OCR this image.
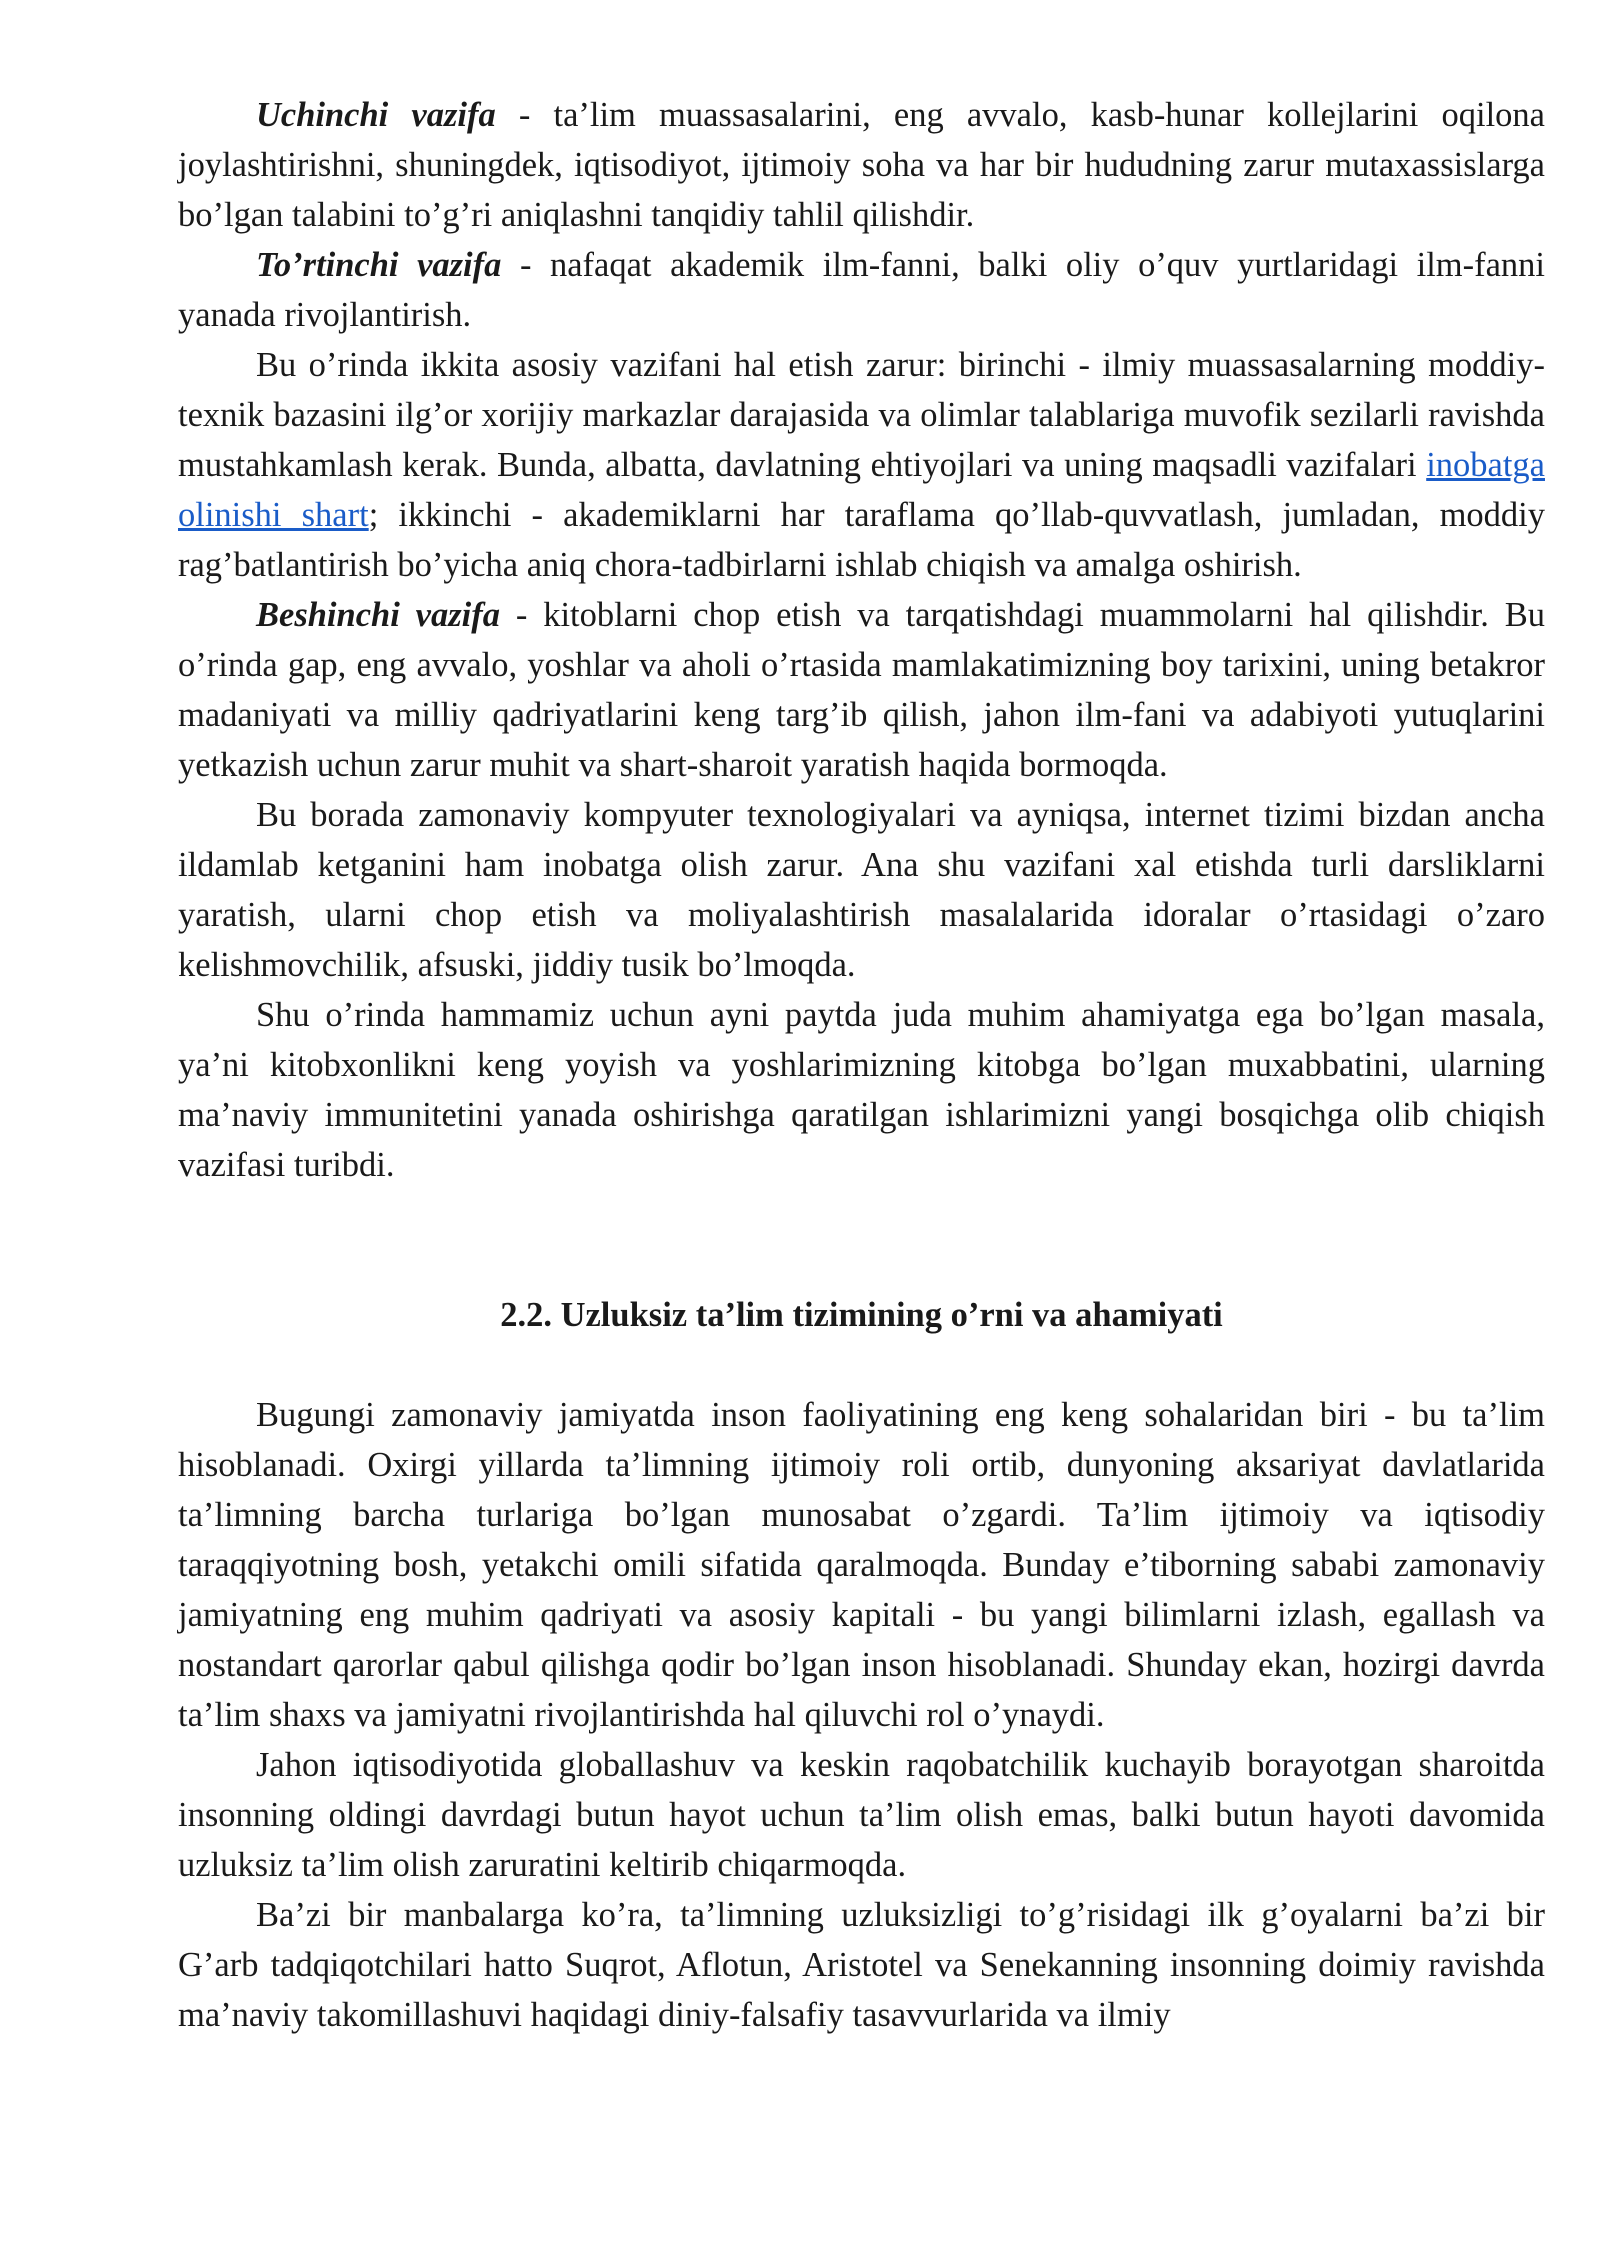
Uchinchi vazifa - ta’lim muassasalarini, eng avvalo, kasb-hunar kollejlarini oqilona joylashtirishni, shuningdek, iqtisodiyot, ijtimoiy soha va har bir hududning zarur mutaxassislarga bo’lgan talabini to’g’ri aniqlashni tanqidiy tahlil qilishdir.

To’rtinchi vazifa - nafaqat akademik ilm-fanni, balki oliy o’quv yurtlaridagi ilm-fanni yanada rivojlantirish.

Bu o’rinda ikkita asosiy vazifani hal etish zarur: birinchi - ilmiy muassasalarning moddiy-texnik bazasini ilg’or xorijiy markazlar darajasida va olimlar talablariga muvofik sezilarli ravishda mustahkamlash kerak. Bunda, albatta, davlatning ehtiyojlari va uning maqsadli vazifalari inobatga olinishi shart; ikkinchi - akademiklarni har taraflama qo’llab-quvvatlash, jumladan, moddiy rag’batlantirish bo’yicha aniq chora-tadbirlarni ishlab chiqish va amalga oshirish.

Beshinchi vazifa - kitoblarni chop etish va tarqatishdagi muammolarni hal qilishdir. Bu o’rinda gap, eng avvalo, yoshlar va aholi o’rtasida mamlakatimizning boy tarixini, uning betakror madaniyati va milliy qadriyatlarini keng targ’ib qilish, jahon ilm-fani va adabiyoti yutuqlarini yetkazish uchun zarur muhit va shart-sharoit yaratish haqida bormoqda.

Bu borada zamonaviy kompyuter texnologiyalari va ayniqsa, internet tizimi bizdan ancha ildamlab ketganini ham inobatga olish zarur. Ana shu vazifani xal etishda turli darsliklarni yaratish, ularni chop etish va moliyalashtirish masalalarida idoralar o’rtasidagi o’zaro kelishmovchilik, afsuski, jiddiy tusik bo’lmoqda.

Shu o’rinda hammamiz uchun ayni paytda juda muhim ahamiyatga ega bo’lgan masala, ya’ni kitobxonlikni keng yoyish va yoshlarimizning kitobga bo’lgan muxabbatini, ularning ma’naviy immunitetini yanada oshirishga qaratilgan ishlarimizni yangi bosqichga olib chiqish vazifasi turibdi.

2.2. Uzluksiz ta’lim tizimining o’rni va ahamiyati

Bugungi zamonaviy jamiyatda inson faoliyatining eng keng sohalaridan biri - bu ta’lim hisoblanadi. Oxirgi yillarda ta’limning ijtimoiy roli ortib, dunyoning aksariyat davlatlarida ta’limning barcha turlariga bo’lgan munosabat o’zgardi. Ta’lim ijtimoiy va iqtisodiy taraqqiyotning bosh, yetakchi omili sifatida qaralmoqda. Bunday e’tiborning sababi zamonaviy jamiyatning eng muhim qadriyati va asosiy kapitali - bu yangi bilimlarni izlash, egallash va nostandart qarorlar qabul qilishga qodir bo’lgan inson hisoblanadi. Shunday ekan, hozirgi davrda ta’lim shaxs va jamiyatni rivojlantirishda hal qiluvchi rol o’ynaydi.

Jahon iqtisodiyotida globallashuv va keskin raqobatchilik kuchayib borayotgan sharoitda insonning oldingi davrdagi butun hayot uchun ta’lim olish emas, balki butun hayoti davomida uzluksiz ta’lim olish zaruratini keltirib chiqarmoqda.

Ba’zi bir manbalarga ko’ra, ta’limning uzluksizligi to’g’risidagi ilk g’oyalarni ba’zi bir G’arb tadqiqotchilari hatto Suqrot, Aflotun, Aristotel va Senekanning insonning doimiy ravishda ma’naviy takomillashuvi haqidagi diniy-falsafiy tasavvurlarida va ilmiy
